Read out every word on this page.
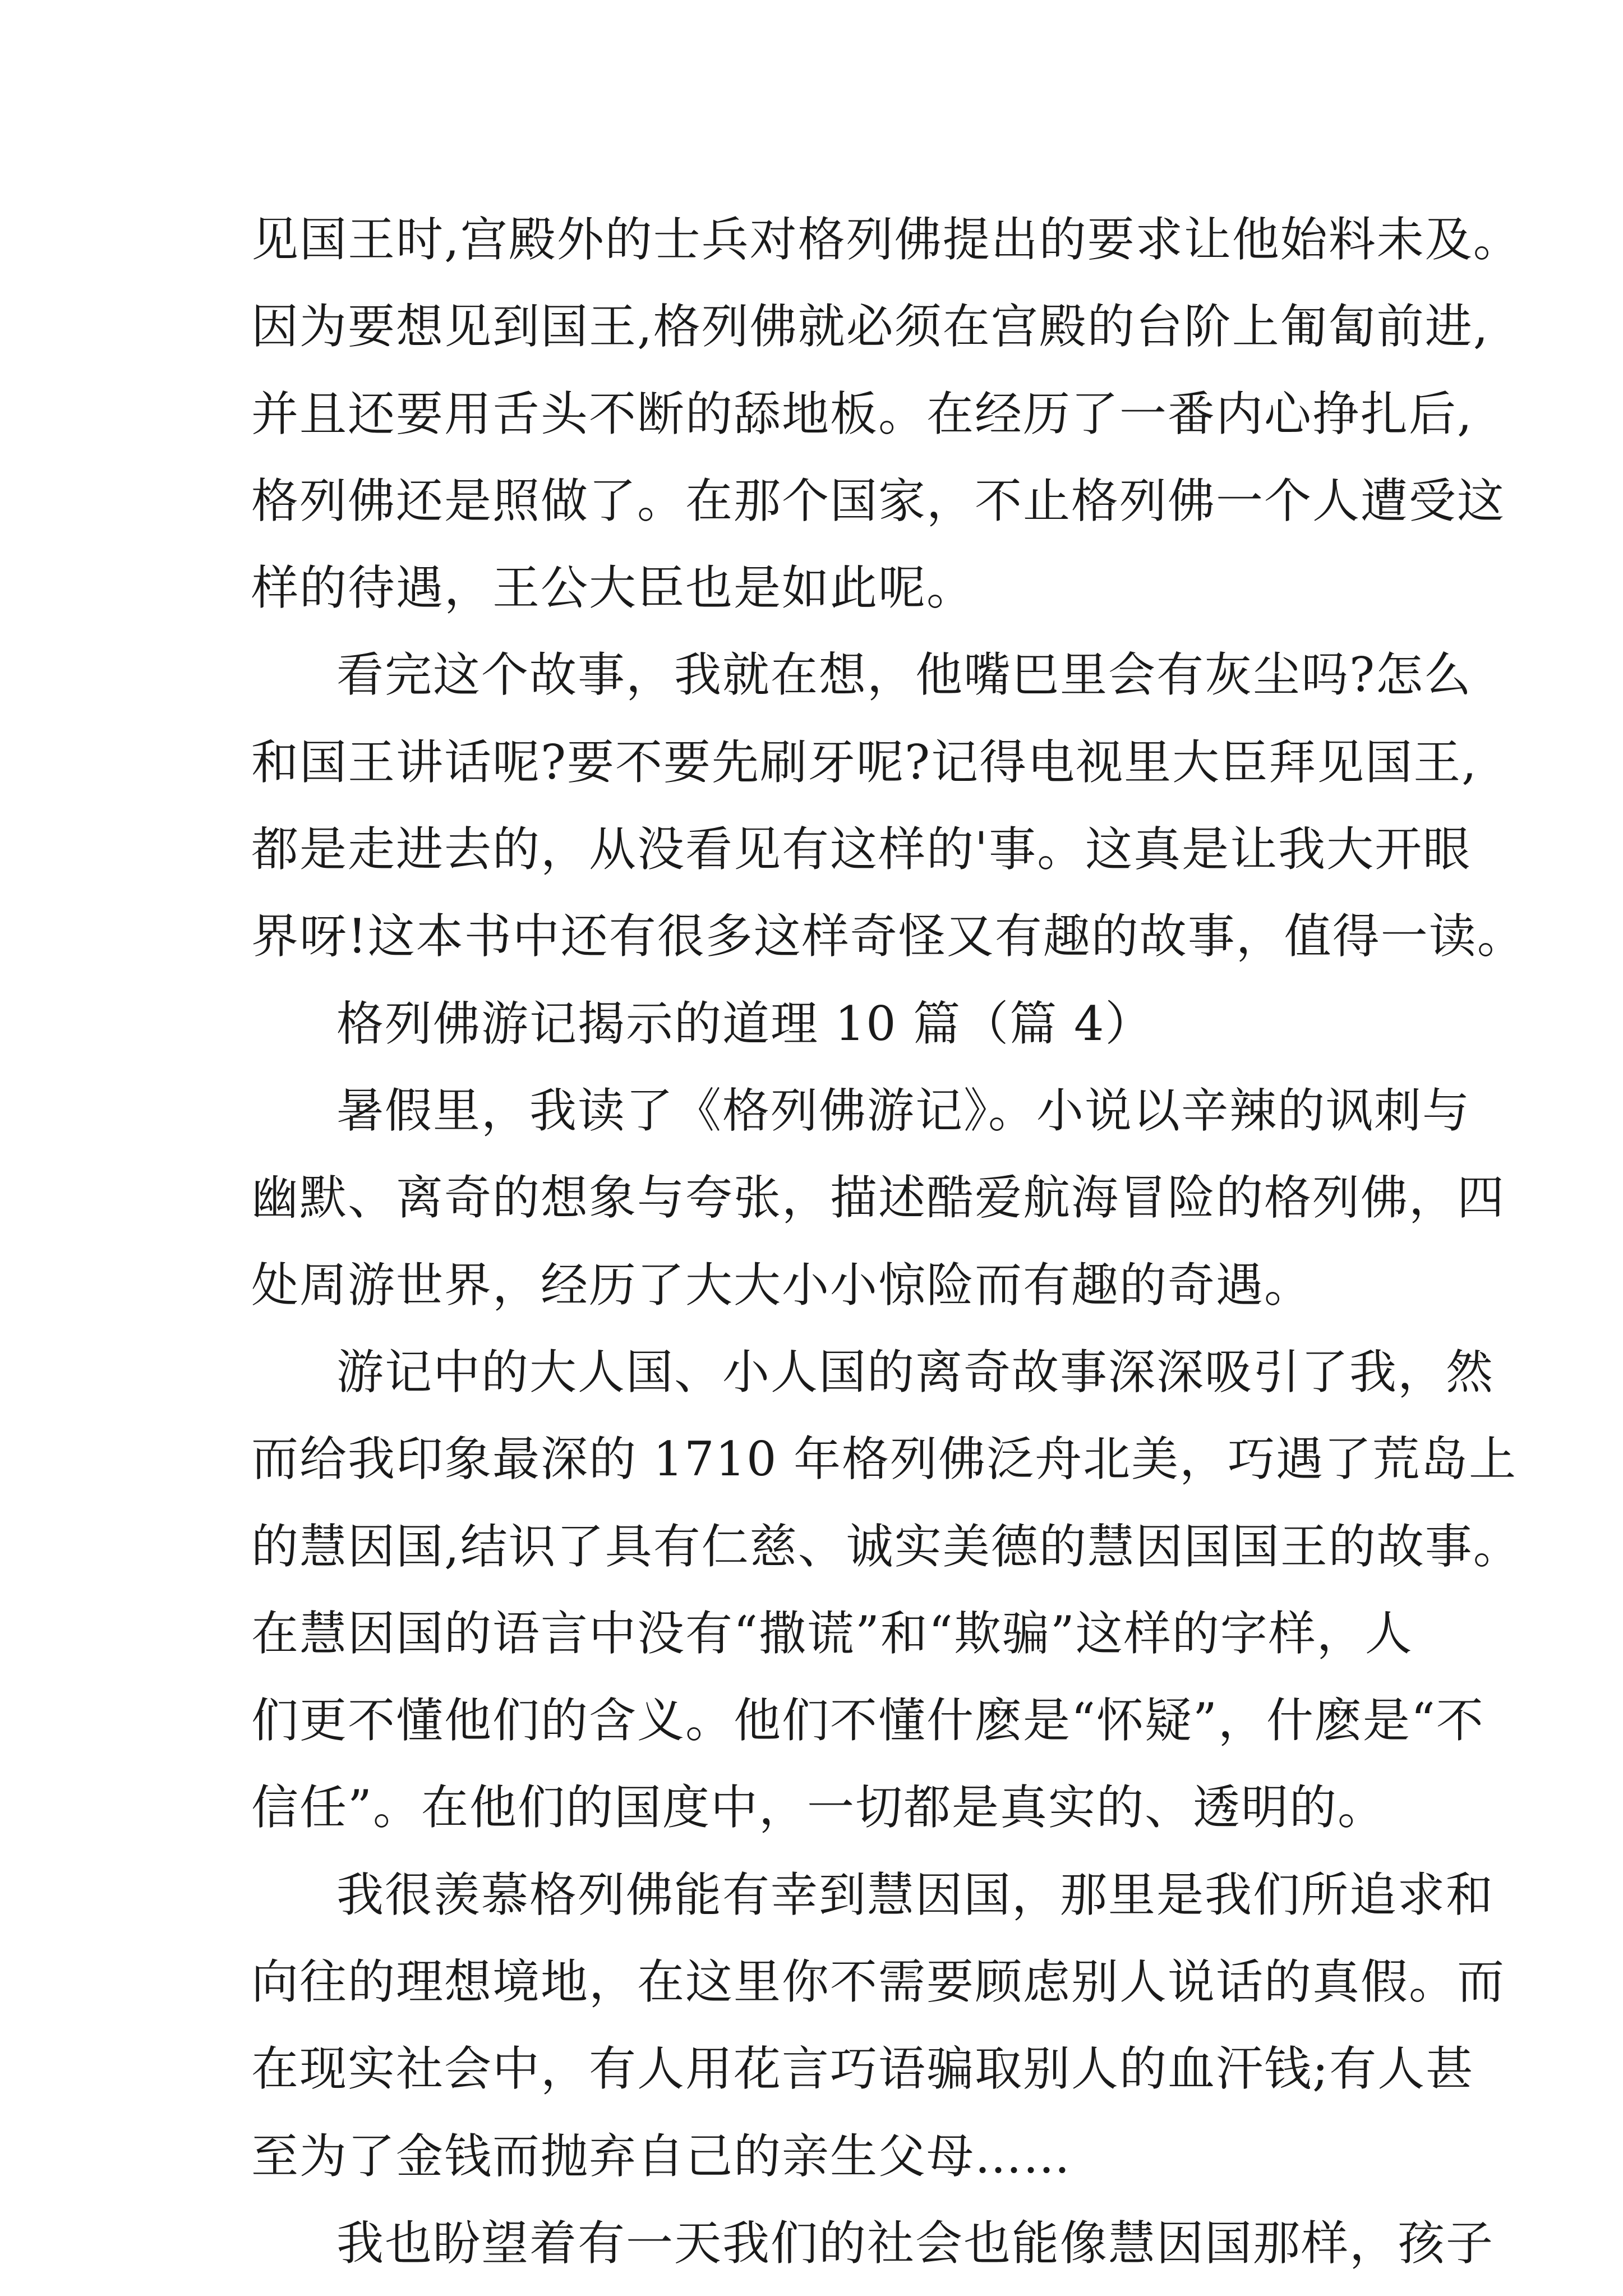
见国王时,宫殿外的士兵对格列佛提出的要求让他始料未及。
因为要想见到国王,格列佛就必须在宫殿的台阶上匍匐前进,
并且还要用舌头不断的舔地板。在经历了一番内心挣扎后,
格列佛还是照做了。在那个国家，不止格列佛一个人遭受这
样的待遇，王公大臣也是如此呢。
看完这个故事，我就在想，他嘴巴里会有灰尘吗?怎么
和国王讲话呢?要不要先刷牙呢?记得电视里大臣拜见国王,
都是走进去的，从没看见有这样的'事。这真是让我大开眼
界呀!这本书中还有很多这样奇怪又有趣的故事，值得一读。
格列佛游记揭示的道理 10 篇（篇 4）
暑假里，我读了《格列佛游记》。小说以辛辣的讽刺与
幽默、离奇的想象与夸张，描述酷爱航海冒险的格列佛，四
处周游世界，经历了大大小小惊险而有趣的奇遇。
游记中的大人国、小人国的离奇故事深深吸引了我，然
而给我印象最深的 1710 年格列佛泛舟北美，巧遇了荒岛上
的慧因国,结识了具有仁慈、诚实美德的慧因国国王的故事。
在慧因国的语言中没有“撒谎”和“欺骗”这样的字样，人
们更不懂他们的含义。他们不懂什麽是“怀疑”，什麽是“不
信任”。在他们的国度中，一切都是真实的、透明的。
我很羡慕格列佛能有幸到慧因国，那里是我们所追求和
向往的理想境地，在这里你不需要顾虑别人说话的真假。而
在现实社会中，有人用花言巧语骗取别人的血汗钱;有人甚
至为了金钱而抛弃自己的亲生父母……
我也盼望着有一天我们的社会也能像慧因国那样，孩子
